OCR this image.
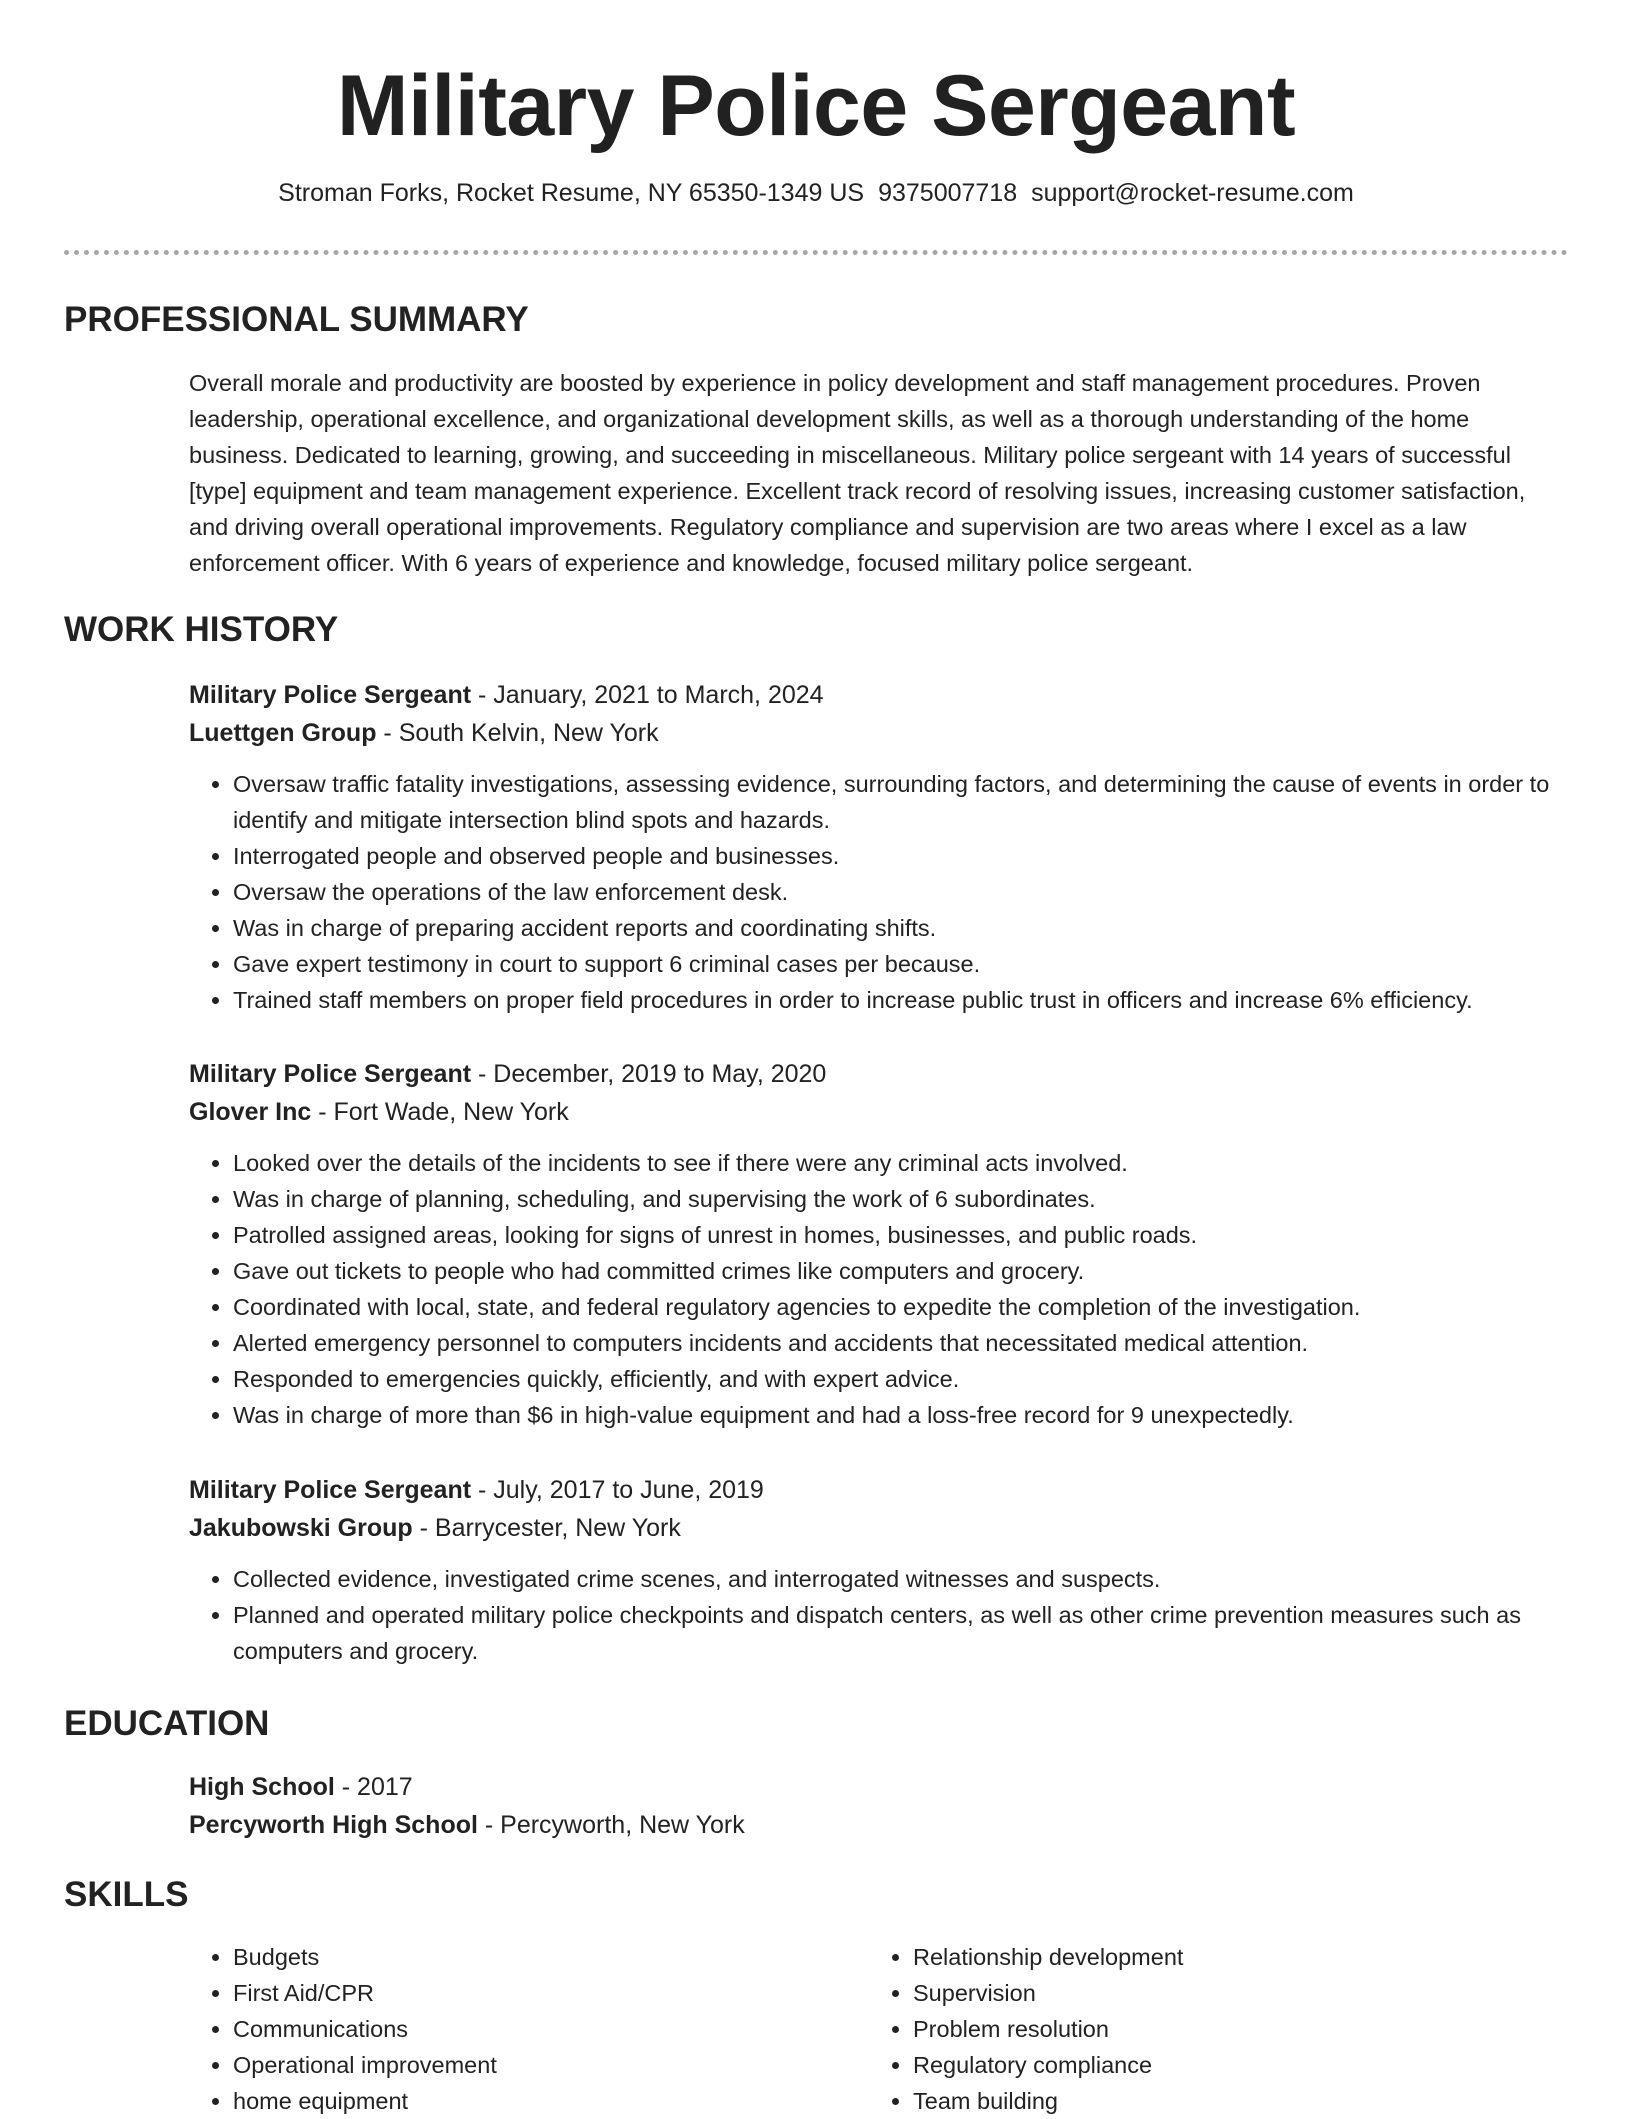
Military Police Sergeant
Stroman Forks, Rocket Resume, NY 65350-1349 US 9375007718 support@rocket-resume.com
PROFESSIONAL SUMMARY

Overall morale and productivity are boosted by experience in policy development and staff management procedures. Proven leadership, operational excellence, and organizational development skills, as well as a thorough understanding of the home business. Dedicated to learning, growing, and succeeding in miscellaneous. Military police sergeant with 14 years of successful [type] equipment and team management experience. Excellent track record of resolving issues, increasing customer satisfaction, and driving overall operational improvements. Regulatory compliance and supervision are two areas where I excel as a law enforcement officer. With 6 years of experience and knowledge, focused military police sergeant.

WORK HISTORY

Military Police Sergeant - January, 2021 to March, 2024

Luettgen Group - South Kelvin, New York

• Oversaw traffic fatality investigations, assessing evidence, surrounding factors, and determining the cause of events in order to identify and mitigate intersection blind spots and hazards.
• Interrogated people and observed people and businesses.
• Oversaw the operations of the law enforcement desk.
• Was in charge of preparing accident reports and coordinating shifts.
• Gave expert testimony in court to support 6 criminal cases per because.
• Trained staff members on proper field procedures in order to increase public trust in officers and increase 6% efficiency.

Military Police Sergeant - December, 2019 to May, 2020

Glover Inc - Fort Wade, New York

• Looked over the details of the incidents to see if there were any criminal acts involved.
• Was in charge of planning, scheduling, and supervising the work of 6 subordinates.
• Patrolled assigned areas, looking for signs of unrest in homes, businesses, and public roads.
• Gave out tickets to people who had committed crimes like computers and grocery.
• Coordinated with local, state, and federal regulatory agencies to expedite the completion of the investigation.
• Alerted emergency personnel to computers incidents and accidents that necessitated medical attention.
• Responded to emergencies quickly, efficiently, and with expert advice.
• Was in charge of more than $6 in high-value equipment and had a loss-free record for 9 unexpectedly.

Military Police Sergeant - July, 2017 to June, 2019

Jakubowski Group - Barrycester, New York

• Collected evidence, investigated crime scenes, and interrogated witnesses and suspects.
• Planned and operated military police checkpoints and dispatch centers, as well as other crime prevention measures such as computers and grocery.
EDUCATION

High School - 2017

Percyworth High School - Percyworth, New York

SKILLS
• Budgets
• First Aid/CPR
• Communications
• Operational improvement
• home equipment
• Relationship development
• Supervision
• Problem resolution
• Regulatory compliance
• Team building
